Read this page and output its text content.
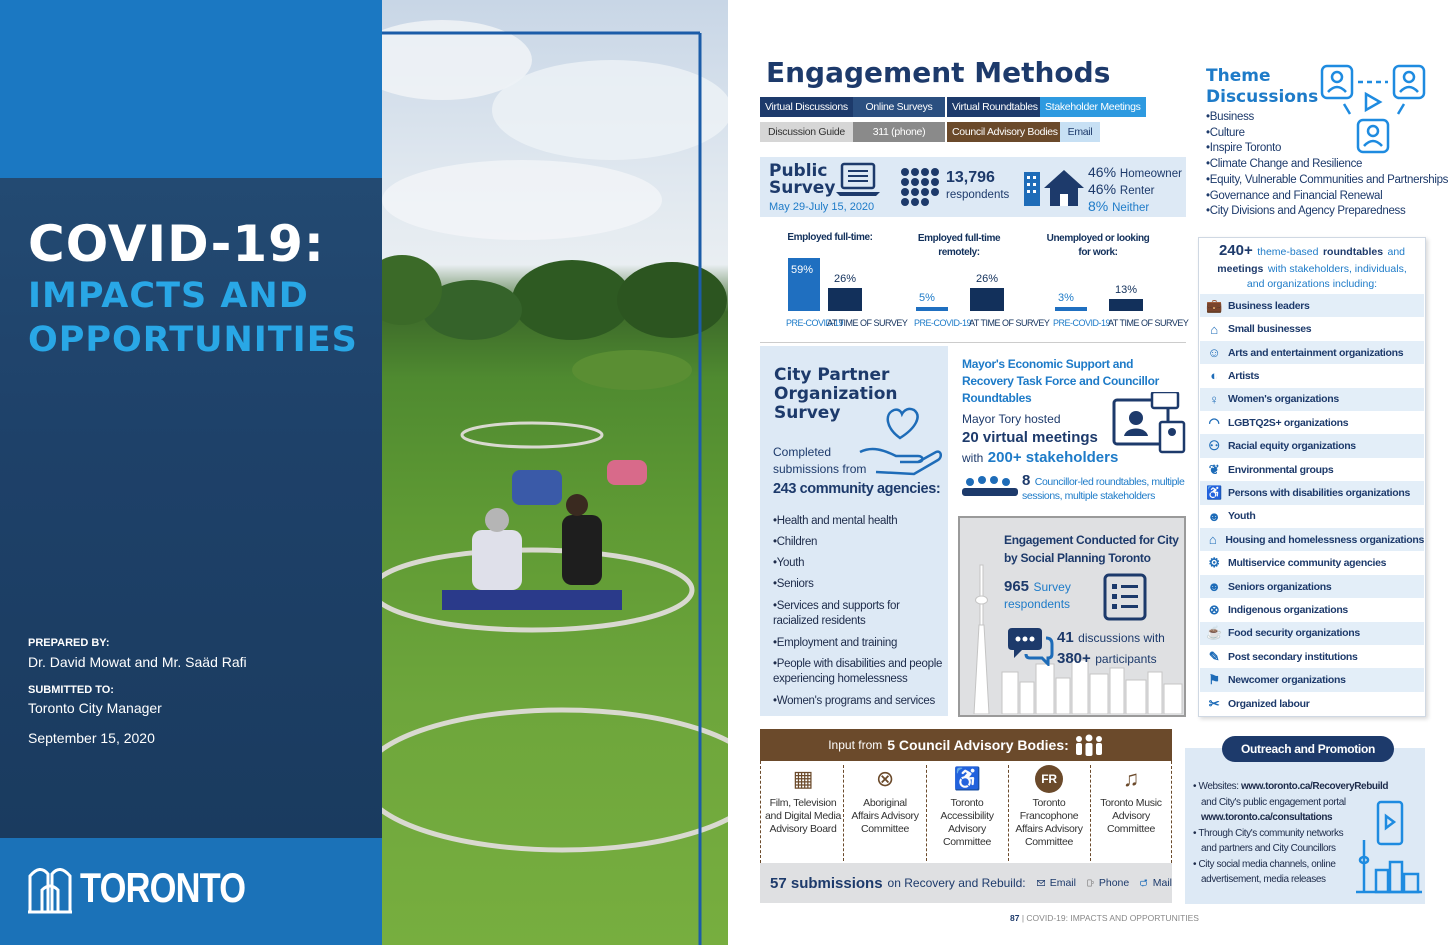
COVID-19:
IMPACTS AND
OPPORTUNITIES
PREPARED BY:
Dr. David Mowat and Mr. Saäd Rafi
SUBMITTED TO:
Toronto City Manager
September 15, 2020
TORONTO
Engagement Methods
Virtual Discussions	Online Surveys	Virtual Roundtables Stakeholder Meetings
Discussion Guide	311 (phone)	Council Advisory Bodies Email
Public
Survey
May 29-July 15, 2020
13,796
respondents
46% Homeowner
46% Renter
8% Neither
City Partner
Organization
Survey
Completed
submissions from
243 community agencies:
Mayor's Economic Support and
Recovery Task Force and Councillor
Roundtables
Mayor Tory hosted
20 virtual meetings
with 200+ stakeholders
8 Councillor-led roundtables, multiple
sessions, multiple stakeholders
Engagement Conducted for City
by Social Planning Toronto
965 Survey
respondents
41 discussions with
380+ participants
Input from 5 Council Advisory Bodies:
▦
Film, Television
and Digital Media
Advisory Board
⊗
Aboriginal
Affairs Advisory
Committee
♿
Toronto
Accessibility
Advisory
Committee
FR
Toronto
Francophone
Affairs Advisory
Committee
♫
Toronto Music
Advisory
Committee
57 submissions on Recovery and Rebuild: Email Phone Mail
87 | COVID-19: IMPACTS AND OPPORTUNITIES
Theme
Discussions
240+ theme-based roundtables and
meetings with stakeholders, individuals,
and organizations including:
Outreach and Promotion
• Websites: www.toronto.ca/RecoveryRebuild
and City's public engagement portal
www.toronto.ca/consultations
• Through City's community networks
and partners and City Councillors
• City social media channels, online
advertisement, media releases
Employed full-time:
59%
26%
PRE-COVID-19
AT TIME OF SURVEY
Employed full-time remotely:
5%
26%
PRE-COVID-19
AT TIME OF SURVEY
Unemployed or looking for work:
3%
13%
PRE-COVID-19
AT TIME OF SURVEY
•Health and mental health
•Children
•Youth
•Seniors
•Services and supports for
racialized residents
•Employment and training
•People with disabilities and people
experiencing homelessness
•Women's programs and services
•Business
•Culture
•Inspire Toronto
•Climate Change and Resilience
•Equity, Vulnerable Communities and Partnerships
•Governance and Financial Renewal
•City Divisions and Agency Preparedness
💼 Business leaders
⌂ Small businesses
☺ Arts and entertainment organizations
◐ Artists
♀ Women's organizations
◠ LGBTQ2S+ organizations
⚇ Racial equity organizations
❦ Environmental groups
♿ Persons with disabilities organizations
☻ Youth
⌂ Housing and homelessness organizations
⚙ Multiservice community agencies
☻ Seniors organizations
⊗ Indigenous organizations
☕ Food security organizations
✎ Post secondary institutions
⚑ Newcomer organizations
✂ Organized labour
